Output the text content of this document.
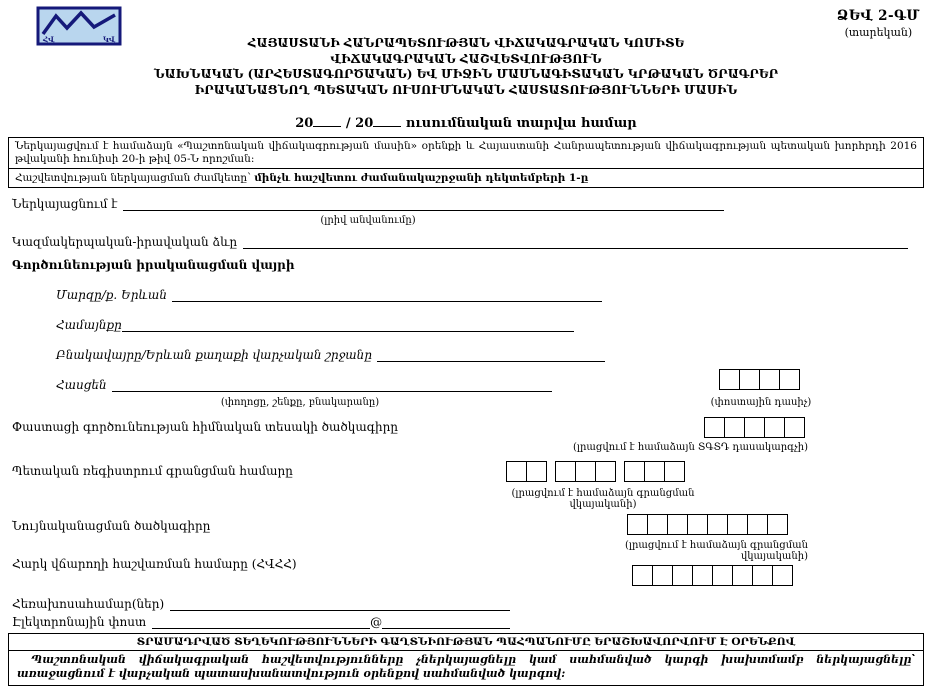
ՀՎ	ԿՎ
ՁԵՎ 2-ԳՄ
(տարեկան)
ՀԱՅԱՍՏԱՆԻ ՀԱՆՐԱՊԵՏՈՒԹՅԱՆ ՎԻՃԱԿԱԳՐԱԿԱՆ ԿՈՄԻՏԵ
ՎԻՃԱԿԱԳՐԱԿԱՆ ՀԱՇՎԵՏՎՈՒԹՅՈՒՆ
ՆԱԽՆԱԿԱՆ (ԱՐՀԵՍՏԱԳՈՐԾԱԿԱՆ) ԵՎ ՄԻՋԻՆ ՄԱՍՆԱԳԻՏԱԿԱՆ ԿՐԹԱԿԱՆ ԾՐԱԳՐԵՐ
ԻՐԱԿԱՆԱՑՆՈՂ ՊԵՏԱԿԱՆ ՈՒՍՈՒՄՆԱԿԱՆ ՀԱՍՏԱՏՈՒԹՅՈՒՆՆԵՐԻ ՄԱՍԻՆ
20 / 20 ուսումնական տարվա համար
Ներկայացվում է համաձայն «Պաշտոնական վիճակագրության մասին» օրենքի և Հայաստանի Հանրապետության վիճակագրության պետական խորհրդի 2016 թվականի հունիսի 20-ի թիվ 05-Ն որոշման:
Հաշվետվության ներկայացման ժամկետը՝ մինչև հաշվետու ժամանակաշրջանի դեկտեմբերի 1-ը
Ներկայացնում է
(լրիվ անվանումը)
Կազմակերպական-իրավական ձևը
Գործունեության իրականացման վայրի
Մարզը/ք. Երևան
Համայնքը
Բնակավայրը/Երևան քաղաքի վարչական շրջանը
Հասցեն
(փողոցը, շենքը, բնակարանը)	(փոստային դասիչ)
Փաստացի գործունեության հիմնական տեսակի ծածկագիրը
(լրացվում է համաձայն ՏԳՏԴ դասակարգչի)
Պետական ռեգիստրում գրանցման համարը
(լրացվում է համաձայն գրանցման վկայականի)
Նույնականացման ծածկագիրը
(լրացվում է համաձայն գրանցման վկայականի)
Հարկ վճարողի հաշվառման համարը (ՀՎՀՀ)
Հեռախոսահամար(ներ)
Էլեկտրոնային փոստ	@
ՏՐԱՄԱԴՐՎԱԾ ՏԵՂԵԿՈՒԹՅՈՒՆՆԵՐԻ ԳԱՂՏՆԻՈՒԹՅԱՆ ՊԱՀՊԱՆՈՒՄԸ ԵՐԱՇԽԱՎՈՐՎՈՒՄ Է ՕՐԵՆՔՈՎ
Պաշտոնական վիճակագրական հաշվետվությունները չներկայացնելը կամ սահմանված կարգի խախտմամբ ներկայացնելը՝ առաջացնում է վարչական պատասխանատվություն օրենքով սահմանված կարգով:
